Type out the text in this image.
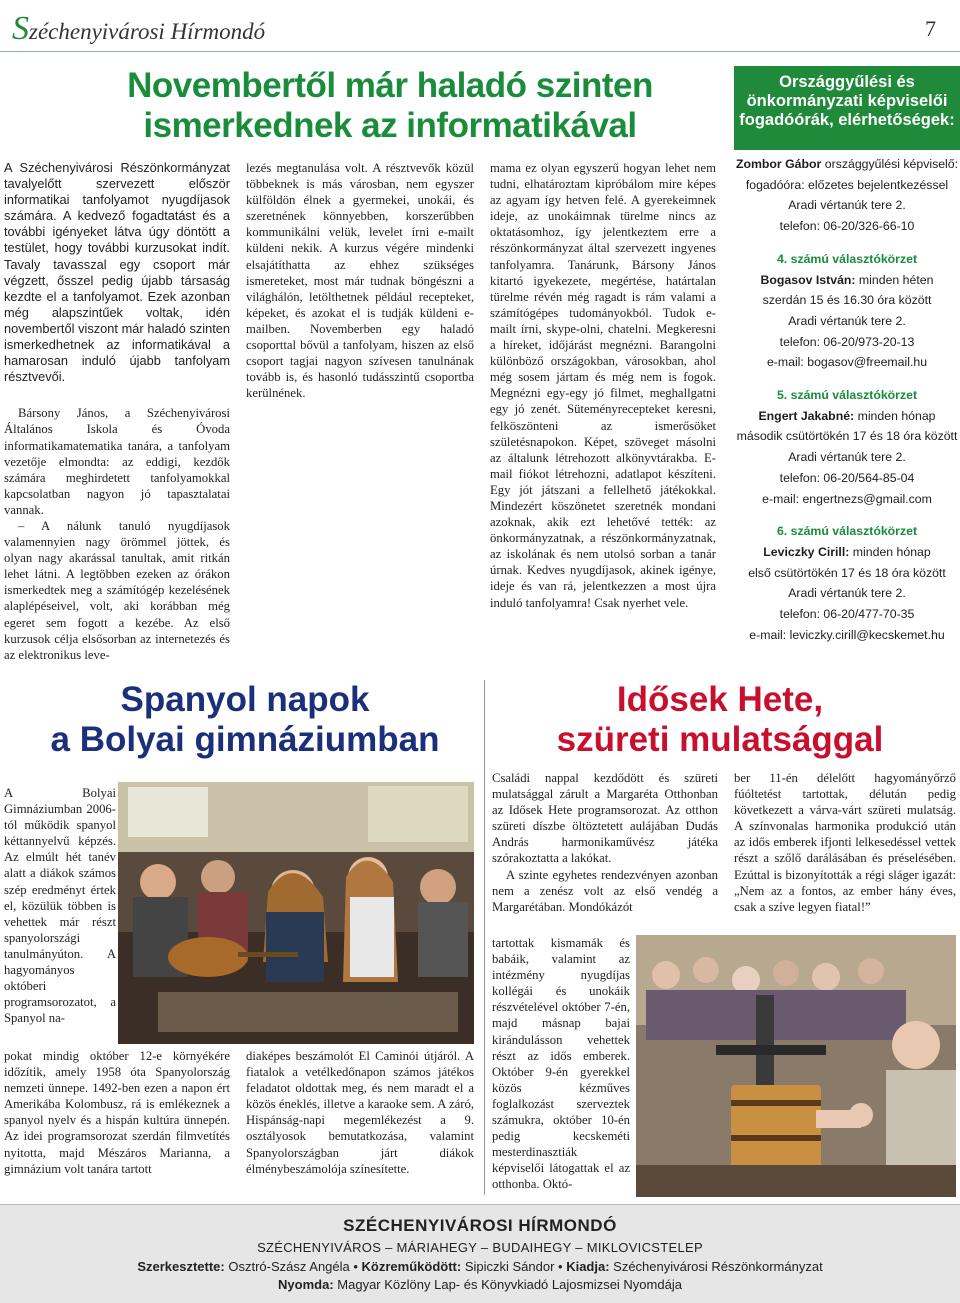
Széchenyivárosi Hírmondó	7
Novembertől már haladó szinten
ismerkednek az informatikával
A Széchenyivárosi Részönkormányzat tavalyelőtt szervezett először informatikai tanfolyamot nyugdíjasok számára. A kedvező fogadtatást és a további igényeket látva úgy döntött a testület, hogy további kurzusokat indít. Tavaly tavasszal egy csoport már végzett, ősszel pedig újabb társaság kezdte el a tanfolyamot. Ezek azonban még alapszintűek voltak, idén novembertől viszont már haladó szinten ismerkedhetnek az informatikával a hamarosan induló újabb tanfolyam résztvevői.

Bársony János, a Széchenyivárosi Általános Iskola és Óvoda informatikamatematika tanára, a tanfolyam vezetője elmondta: az eddigi, kezdők számára meghirdetett tanfolyamokkal kapcsolatban nagyon jó tapasztalatai vannak.

– A nálunk tanuló nyugdíjasok valamennyien nagy örömmel jöttek, és olyan nagy akarással tanultak, amit ritkán lehet látni. A legtöbben ezeken az órákon ismerkedtek meg a számítógép kezelésének alaplépéseivel, volt, aki korábban még egeret sem fogott a kezébe. Az első kurzusok célja elsősorban az internetezés és az elektronikus leve-

lezés megtanulása volt. A résztvevők közül többeknek is más városban, nem egyszer külföldön élnek a gyermekei, unokái, és szeretnének könnyebben, korszerűbben kommunikálni velük, levelet írni e-mailt küldeni nekik. A kurzus végére mindenki elsajátíthatta az ehhez szükséges ismereteket, most már tudnak böngészni a világhálón, letölthetnek például recepteket, képeket, és azokat el is tudják küldeni e-mailben. Novemberben egy haladó csoporttal bővül a tanfolyam, hiszen az első csoport tagjai nagyon szívesen tanulnának tovább is, és hasonló tudásszintű csoportba kerülnének.

mama ez olyan egyszerű hogyan lehet nem tudni, elhatároztam kipróbálom mire képes az agyam így hetven felé. A gyerekeimnek ideje, az unokáimnak türelme nincs az oktatásomhoz, így jelentkeztem erre a részönkormányzat által szervezett ingyenes tanfolyamra. Tanárunk, Bársony János kitartó igyekezete, megértése, határtalan türelme révén még ragadt is rám valami a számítógépes tudományokból. Tudok e-mailt írni, skype-olni, chatelni. Megkeresni a híreket, időjárást megnézni. Barangolni különböző országokban, városokban, ahol még sosem jártam és még nem is fogok. Megnézni egy-egy jó filmet, meghallgatni egy jó zenét. Süteményrecepteket keresni, felköszönteni az ismerősöket születésnapokon. Képet, szöveget másolni az általunk létrehozott alkönyvtárakba. E-mail fiókot létrehozni, adatlapot készíteni. Egy jót játszani a fellelhető játékokkal. Mindezért köszönetet szeretnék mondani azoknak, akik ezt lehetővé tették: az önkormányzatnak, a részönkormányzatnak, az iskolának és nem utolsó sorban a tanár úrnak. Kedves nyugdíjasok, akinek igénye, ideje és van rá, jelentkezzen a most újra induló tanfolyamra! Csak nyerhet vele.

Országgyűlési és önkormányzati képviselői fogadóórák, elérhetőségek:
Zombor Gábor országgyűlési képviselő:
fogadóóra: előzetes bejelentkezéssel
Aradi vértanúk tere 2.
telefon: 06-20/326-66-10
4. számú választókörzet
Bogasov István: minden héten
szerdán 15 és 16.30 óra között
Aradi vértanúk tere 2.
telefon: 06-20/973-20-13
e-mail: bogasov@freemail.hu
5. számú választókörzet
Engert Jakabné: minden hónap
második csütörtökén 17 és 18 óra között
Aradi vértanúk tere 2.
telefon: 06-20/564-85-04
e-mail: engertnezs@gmail.com
6. számú választókörzet
Leviczky Cirill: minden hónap
első csütörtökén 17 és 18 óra között
Aradi vértanúk tere 2.
telefon: 06-20/477-70-35
e-mail: leviczky.cirill@kecskemet.hu
Spanyol napok
a Bolyai gimnáziumban

A Bolyai Gimnáziumban 2006-tól működik spanyol kéttannyelvű képzés. Az elmúlt hét tanév alatt a diákok számos szép eredményt értek el, közülük többen is vehettek már részt spanyolországi tanulmányúton. A hagyományos októberi programsorozatot, a Spanyol na-

pokat mindig október 12-e környékére időzítik, amely 1958 óta Spanyolország nemzeti ünnepe. 1492-ben ezen a napon ért Amerikába Kolombusz, rá is emlékeznek a spanyol nyelv és a hispán kultúra ünnepén. Az idei programsorozat szerdán filmvetítés nyitotta, majd Mészáros Marianna, a gimnázium volt tanára tartott

diaképes beszámolót El Caminói útjáról. A fiatalok a vetélkedőnapon számos játékos feladatot oldottak meg, és nem maradt el a közös éneklés, illetve a karaoke sem. A záró, Hispánság-napi megemlékezést a 9. osztályosok bemutatkozása, valamint Spanyolországban járt diákok élménybeszámolója színesítette.

Idősek Hete,
szüreti mulatsággal

Családi nappal kezdődött és szüreti mulatsággal zárult a Margaréta Otthonban az Idősek Hete programsorozat. Az otthon szüreti díszbe öltöztetett aulájában Dudás András harmonikaművész játéka szórakoztatta a lakókat.

A szinte egyhetes rendezvényen azonban nem a zenész volt az első vendég a Margarétában. Mondókázót

tartottak kismamák és babáik, valamint az intézmény nyugdíjas kollégái és unokáik részvételével október 7-én, majd másnap bajai kirándulásson vehettek részt az idős emberek. Október 9-én gyerekkel közös kézműves foglalkozást szerveztek számukra, október 10-én pedig kecskeméti mesterdinasztiák képviselői látogattak el az otthonba. Októ-

ber 11-én délelőtt hagyományőrző fúóltetést tartottak, délután pedig következett a várva-várt szüreti mulatság. A színvonalas harmonika produkció után az idős emberek ifjonti lelkesedéssel vettek részt a szőlő darálásában és préselésében. Ezúttal is bizonyították a régi sláger igazát: „Nem az a fontos, az ember hány éves, csak a szíve legyen fiatal!”

SZÉCHENYIVÁROSI HÍRMONDÓ
SZÉCHENYIVÁROS – MÁRIAHEGY – BUDAIHEGY – MIKLOVICSTELEP
Szerkesztette: Osztró-Szász Angéla • Közreműködött: Sipiczki Sándor • Kiadja: Széchenyivárosi Részönkormányzat
Nyomda: Magyar Közlöny Lap- és Könyvkiadó Lajosmizsei Nyomdája
